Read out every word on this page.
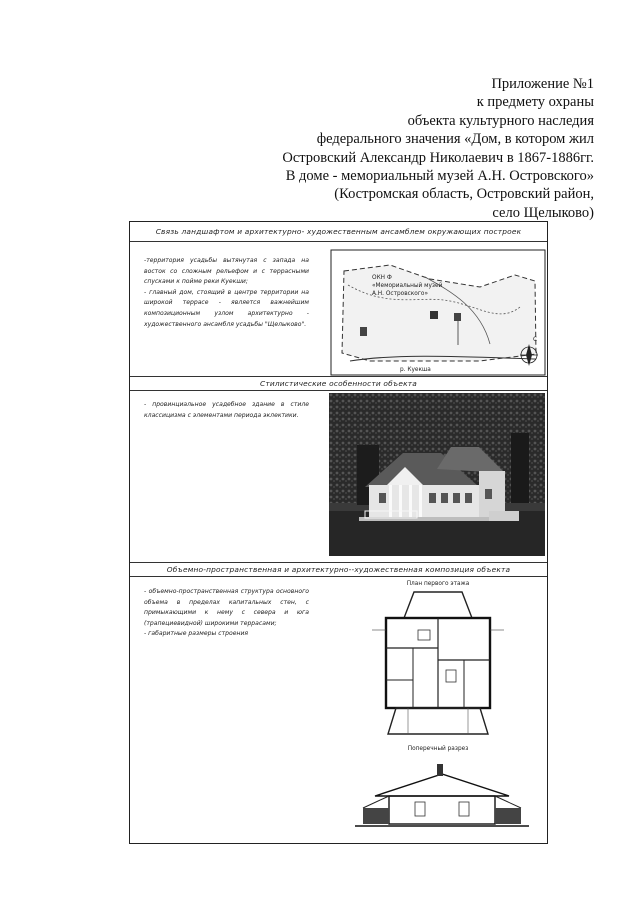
Приложение №1
к предмету охраны
объекта культурного наследия
федерального значения «Дом, в котором жил
Островский Александр Николаевич в 1867-1886гг.
В доме - мемориальный музей А.Н. Островского»
(Костромская область, Островский район,
село Щелыково)
Связь ландшафтом и архитектурно- художественным ансамблем окружающих построек

-территория усадьбы вытянутая с запада на восток со сложным рельефом и с террасными спусками к пойме реки Куекши;

- главный дом, стоящий в центре территории на широкой террасе - является важнейшим композиционным узлом архитектурно - художественного ансамбля усадьбы "Щелыково".

ОКН Ф
«Мемориальный музей
А.Н. Островского»
р. Куекша
С
Стилистические особенности объекта

- провинциальное усадебное здание в стиле классицизма с элементами периода эклектики.

Объемно-пространственная и архитектурно--художественная композиция объекта

- объемно-пространственная структура основного объема в пределах капитальных стен, с примыкающими к нему с севера и юга (трапециевидной) широкими террасами;

- габаритные размеры строения

План первого этажа
Поперечный разрез
